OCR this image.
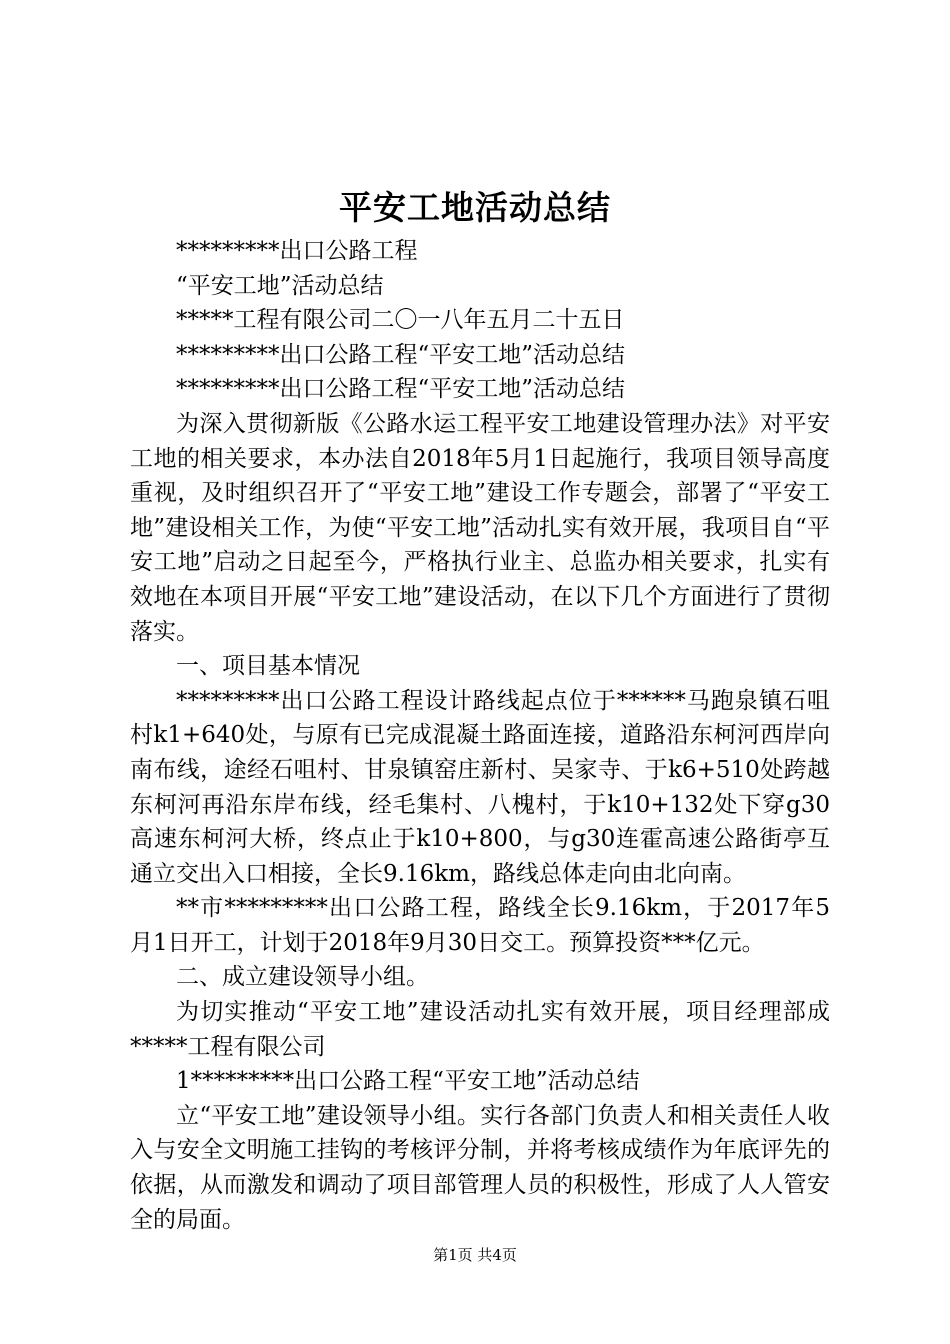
平安工地活动总结

*********出口公路工程

“平安工地”活动总结

*****工程有限公司二〇一八年五月二十五日

*********出口公路工程“平安工地”活动总结

*********出口公路工程“平安工地”活动总结

为深入贯彻新版《公路水运工程平安工地建设管理办法》对平安工地的相关要求，本办法自2018年5月1日起施行，我项目领导高度重视，及时组织召开了“平安工地”建设工作专题会，部署了“平安工地”建设相关工作，为使“平安工地”活动扎实有效开展，我项目自“平安工地”启动之日起至今，严格执行业主、总监办相关要求，扎实有效地在本项目开展“平安工地”建设活动，在以下几个方面进行了贯彻落实。

一、项目基本情况

*********出口公路工程设计路线起点位于******马跑泉镇石咀村k1+640处，与原有已完成混凝土路面连接，道路沿东柯河西岸向南布线，途经石咀村、甘泉镇窑庄新村、吴家寺、于k6+510处跨越东柯河再沿东岸布线，经毛集村、八槐村，于k10+132处下穿g30高速东柯河大桥，终点止于k10+800，与g30连霍高速公路街亭互通立交出入口相接，全长9.16km，路线总体走向由北向南。

**市*********出口公路工程，路线全长9.16km，于2017年5月1日开工，计划于2018年9月30日交工。预算投资***亿元。

二、成立建设领导小组。

为切实推动“平安工地”建设活动扎实有效开展，项目经理部成*****工程有限公司

1*********出口公路工程“平安工地”活动总结

立“平安工地”建设领导小组。实行各部门负责人和相关责任人收入与安全文明施工挂钩的考核评分制，并将考核成绩作为年底评先的依据，从而激发和调动了项目部管理人员的积极性，形成了人人管安全的局面。

第1页 共4页
